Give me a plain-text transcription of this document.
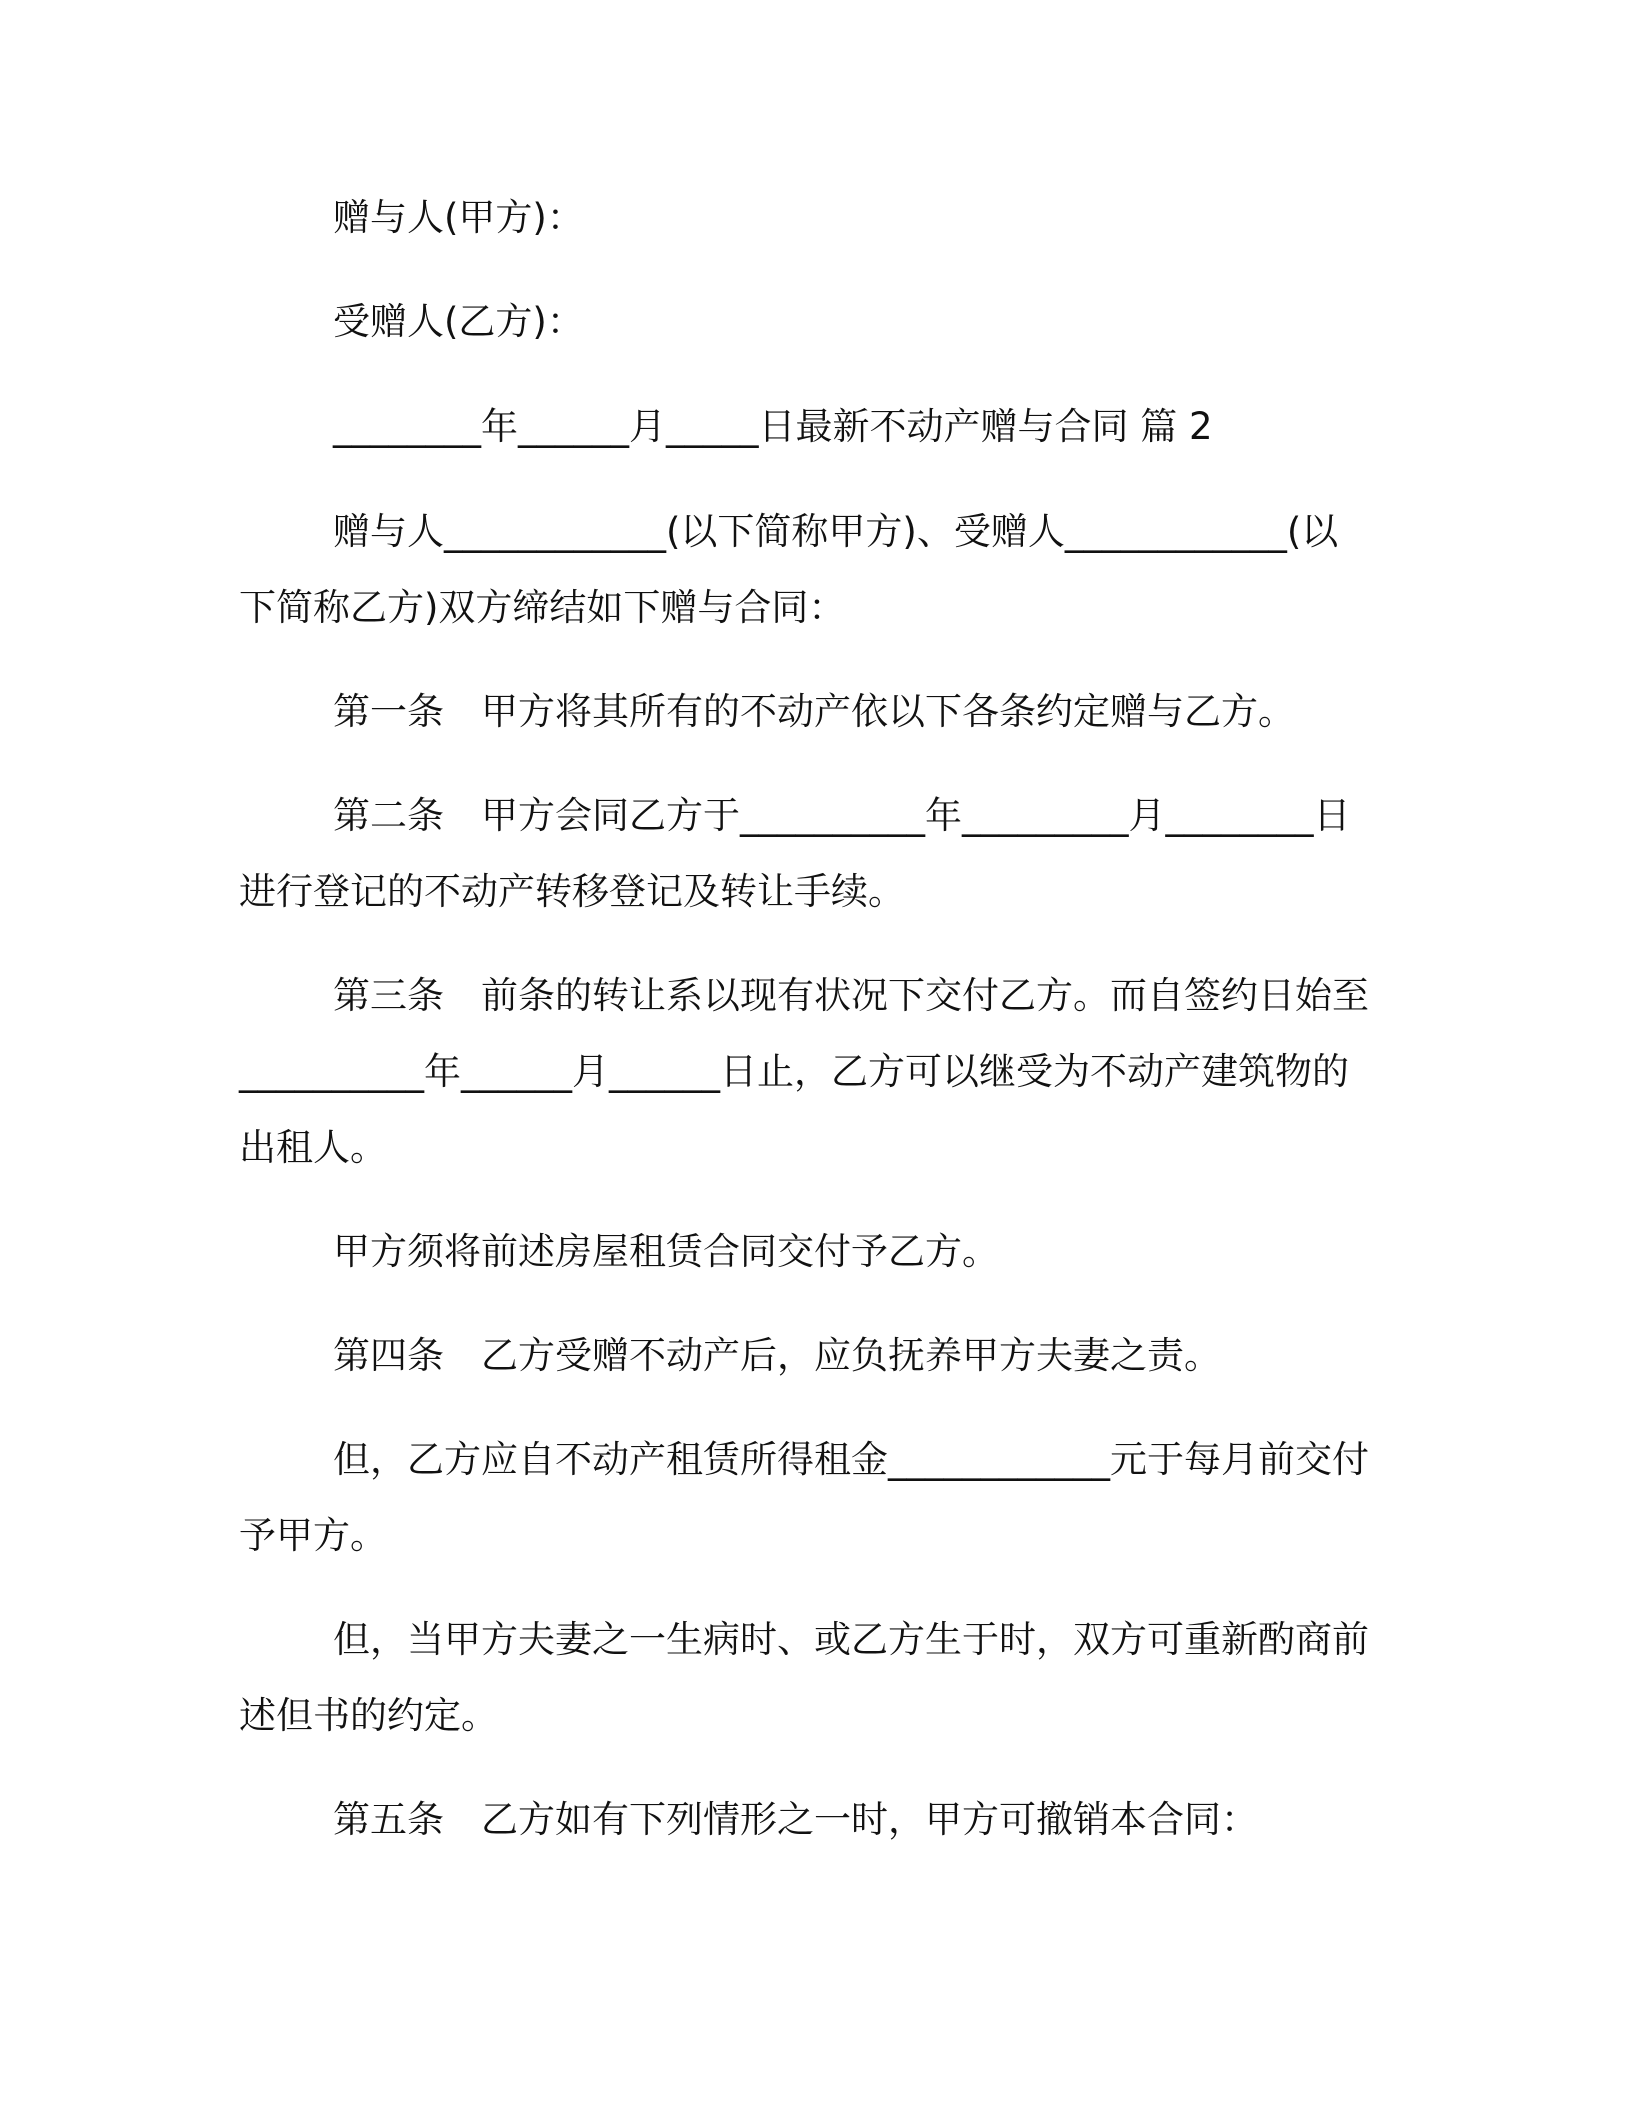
赠与人(甲方)：
受赠人(乙方)：
________年______月_____日最新不动产赠与合同 篇 2
赠与人____________(以下简称甲方)、受赠人____________(以
下简称乙方)双方缔结如下赠与合同：
第一条　甲方将其所有的不动产依以下各条约定赠与乙方。
第二条　甲方会同乙方于__________年_________月________日
进行登记的不动产转移登记及转让手续。
第三条　前条的转让系以现有状况下交付乙方。而自签约日始至
__________年______月______日止，乙方可以继受为不动产建筑物的
出租人。
甲方须将前述房屋租赁合同交付予乙方。
第四条　乙方受赠不动产后，应负抚养甲方夫妻之责。
但，乙方应自不动产租赁所得租金____________元于每月前交付
予甲方。
但，当甲方夫妻之一生病时、或乙方生于时，双方可重新酌商前
述但书的约定。
第五条　乙方如有下列情形之一时，甲方可撤销本合同：
